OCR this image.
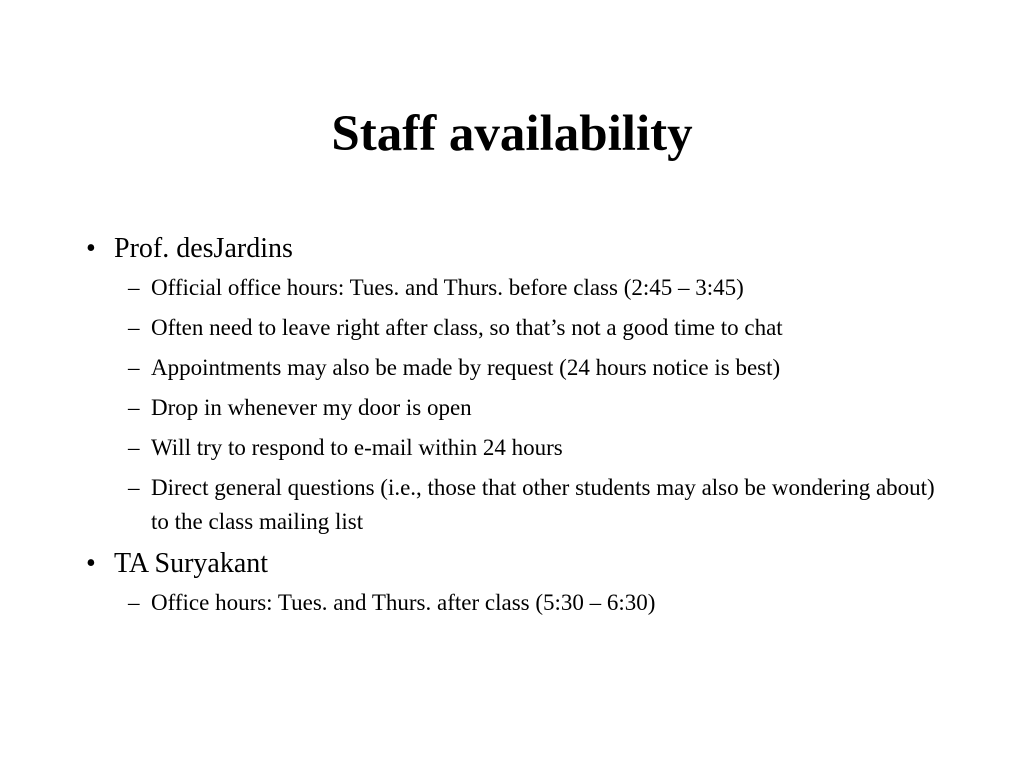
Staff availability
• Prof. desJardins
– Official office hours: Tues. and Thurs. before class (2:45 – 3:45)
– Often need to leave right after class, so that’s not a good time to chat
– Appointments may also be made by request (24 hours notice is best)
– Drop in whenever my door is open
– Will try to respond to e-mail within 24 hours
– Direct general questions (i.e., those that other students may also be wondering about) to the class mailing list
• TA Suryakant
– Office hours: Tues. and Thurs. after class (5:30 – 6:30)
